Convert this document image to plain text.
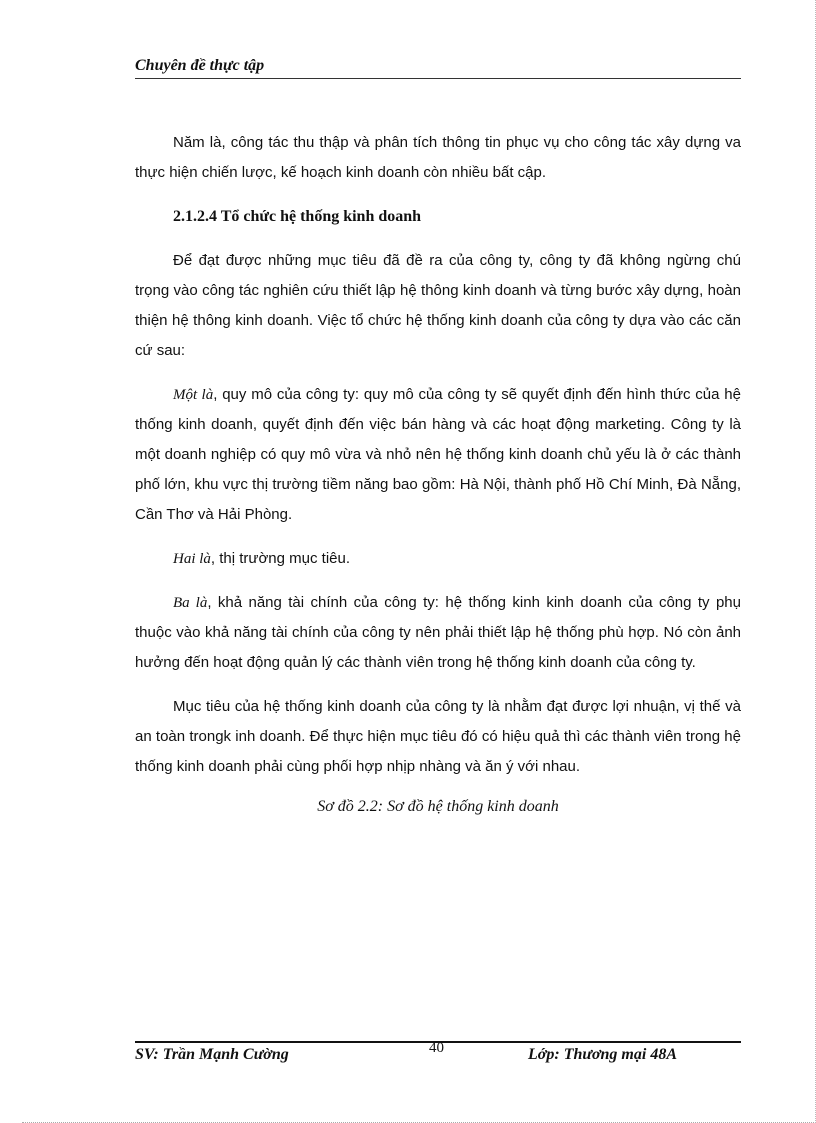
Chuyên đề thực tập

Năm là, công tác thu thập và phân tích thông tin phục vụ cho công tác xây dựng va thực hiện chiến lược, kế hoạch kinh doanh còn nhiều bất cập.

2.1.2.4 Tổ chức hệ thống kinh doanh

Để đạt được những mục tiêu đã đề ra của công ty, công ty đã không ngừng chú trọng vào công tác nghiên cứu thiết lập hệ thông kinh doanh và từng bước xây dựng, hoàn thiện hệ thông kinh doanh. Việc tổ chức hệ thống kinh doanh của công ty dựa vào các căn cứ sau:

Một là, quy mô của công ty: quy mô của công ty sẽ quyết định đến hình thức của hệ thống kinh doanh, quyết định đến việc bán hàng và các hoạt động marketing. Công ty là một doanh nghiệp có quy mô vừa và nhỏ nên hệ thống kinh doanh chủ yếu là ở các thành phố lớn, khu vực thị trường tiềm năng bao gồm: Hà Nội, thành phố Hồ Chí Minh, Đà Nẵng, Cần Thơ và Hải Phòng.

Hai là, thị trường mục tiêu.

Ba là, khả năng tài chính của công ty: hệ thống kinh kinh doanh của công ty phụ thuộc vào khả năng tài chính của công ty nên phải thiết lập hệ thống phù hợp. Nó còn ảnh hưởng đến hoạt động quản lý các thành viên trong hệ thống kinh doanh của công ty.

Mục tiêu của hệ thống kinh doanh của công ty là nhằm đạt được lợi nhuận, vị thế và an toàn trongk inh doanh. Để thực hiện mục tiêu đó có hiệu quả thì các thành viên trong hệ thống kinh doanh phải cùng phối hợp nhịp nhàng và ăn ý với nhau.

Sơ đồ 2.2: Sơ đồ hệ thống kinh doanh
SV: Trần Mạnh Cường	40	Lớp: Thương mại 48A
